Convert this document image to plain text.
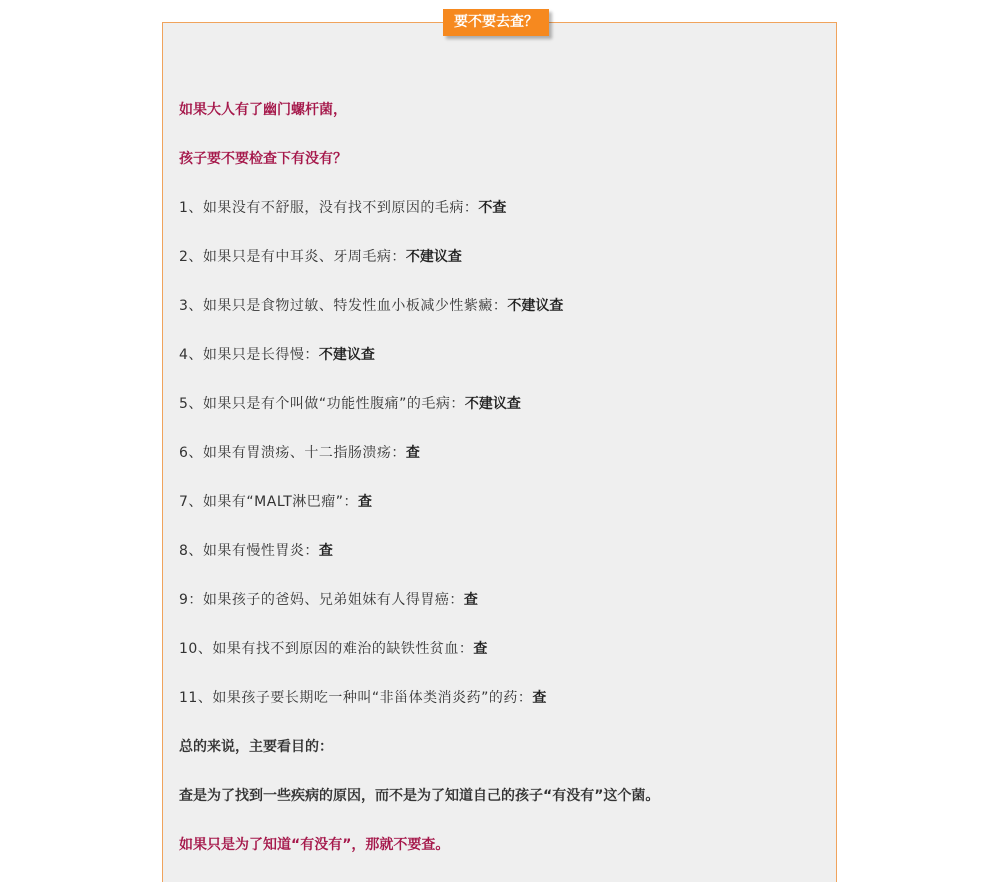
要不要去查？
如果大人有了幽门螺杆菌，
孩子要不要检查下有没有？
1、如果没有不舒服，没有找不到原因的毛病：不查
2、如果只是有中耳炎、牙周毛病：不建议查
3、如果只是食物过敏、特发性血小板减少性紫癜：不建议查
4、如果只是长得慢：不建议查
5、如果只是有个叫做“功能性腹痛”的毛病：不建议查
6、如果有胃溃疡、十二指肠溃疡：查
7、如果有“MALT淋巴瘤”：查
8、如果有慢性胃炎：查
9：如果孩子的爸妈、兄弟姐妹有人得胃癌：查
10、如果有找不到原因的难治的缺铁性贫血：查
11、如果孩子要长期吃一种叫“非甾体类消炎药”的药：查
总的来说，主要看目的：
查是为了找到一些疾病的原因，而不是为了知道自己的孩子“有没有”这个菌。
如果只是为了知道“有没有”，那就不要查。
